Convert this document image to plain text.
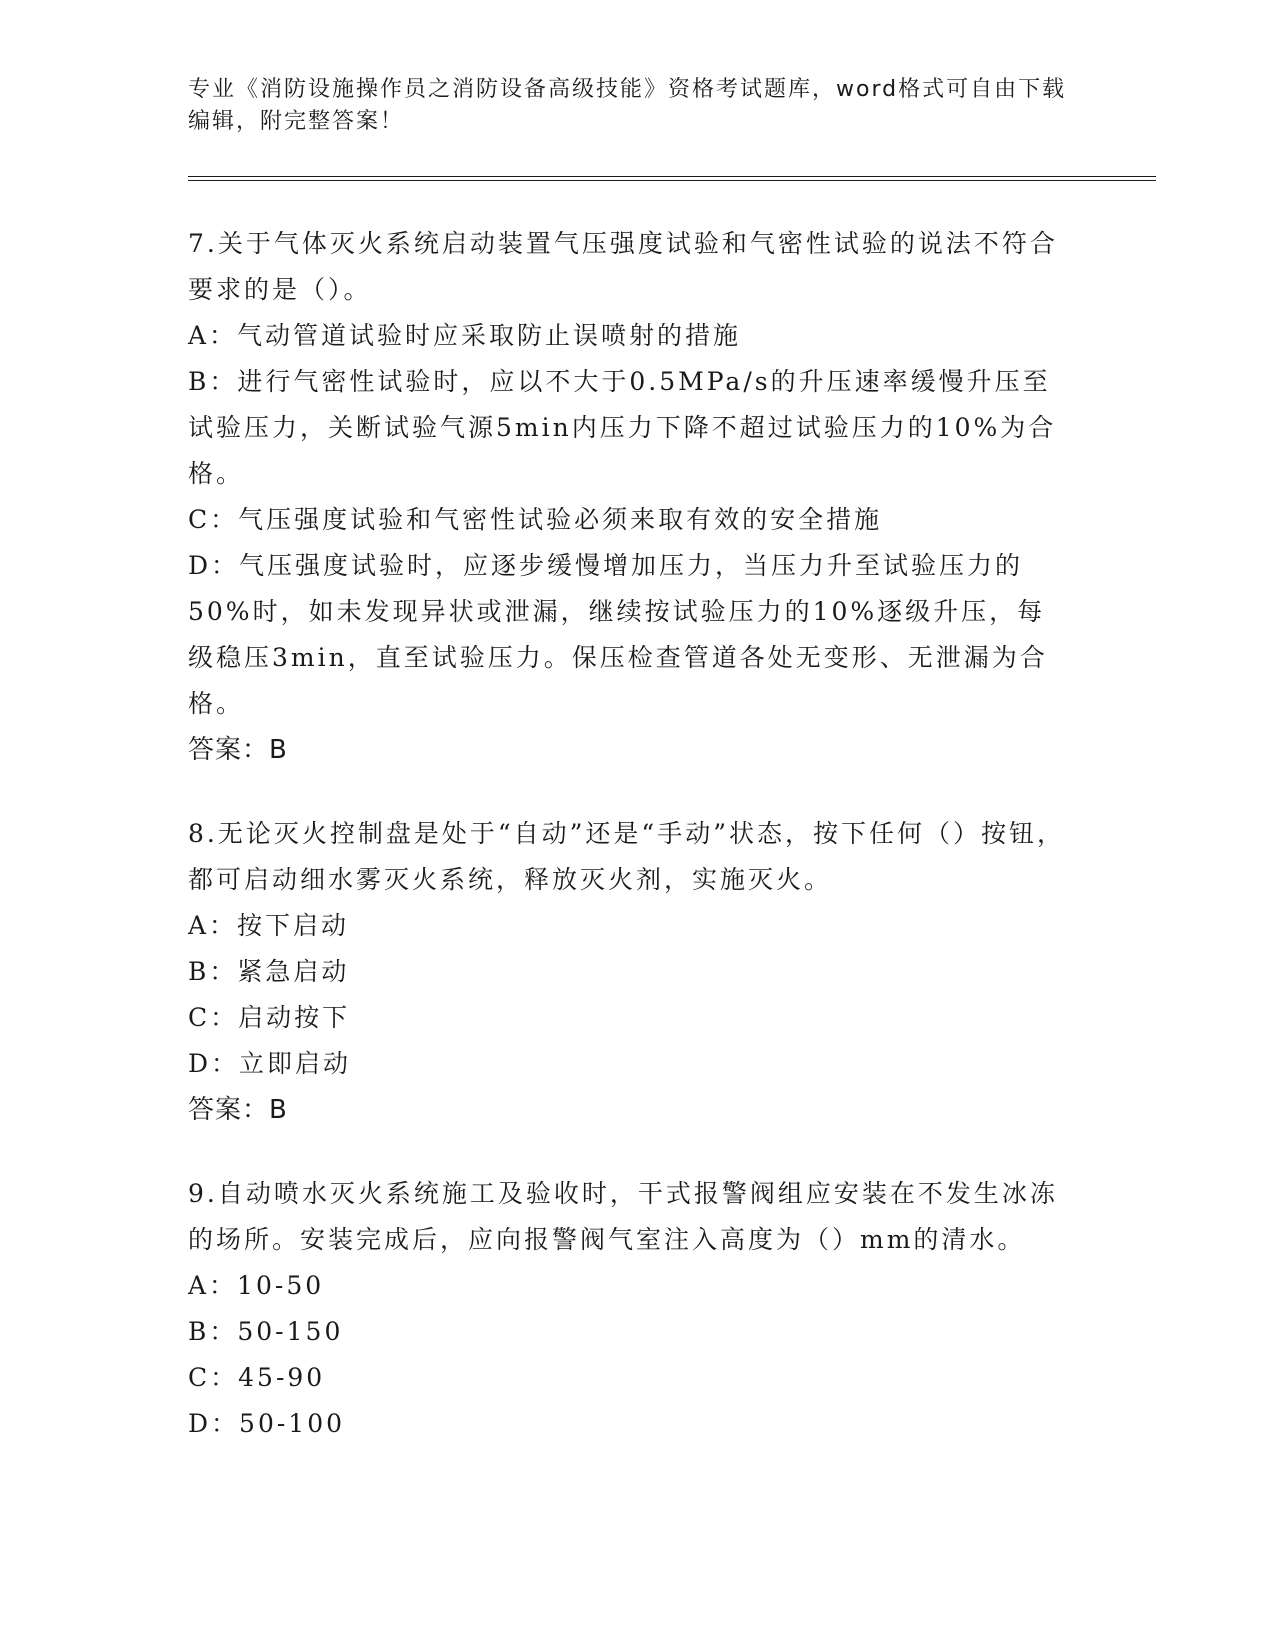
专业《消防设施操作员之消防设备高级技能》资格考试题库，word格式可自由下载编辑，附完整答案！

7.关于气体灭火系统启动装置气压强度试验和气密性试验的说法不符合要求的是（）。

A：气动管道试验时应采取防止误喷射的措施

B：进行气密性试验时，应以不大于0.5MPa/s的升压速率缓慢升压至试验压力，关断试验气源5min内压力下降不超过试验压力的10%为合格。

C：气压强度试验和气密性试验必须来取有效的安全措施

D：气压强度试验时，应逐步缓慢增加压力，当压力升至试验压力的50%时，如未发现异状或泄漏，继续按试验压力的10%逐级升压，每级稳压3min，直至试验压力。保压检查管道各处无变形、无泄漏为合格。

答案：B

8.无论灭火控制盘是处于“自动”还是“手动”状态，按下任何（）按钮，都可启动细水雾灭火系统，释放灭火剂，实施灭火。

A：按下启动

B：紧急启动

C：启动按下

D：立即启动

答案：B

9.自动喷水灭火系统施工及验收时，干式报警阀组应安装在不发生冰冻的场所。安装完成后，应向报警阀气室注入高度为（）mm的清水。

A：10-50

B：50-150

C：45-90

D：50-100
